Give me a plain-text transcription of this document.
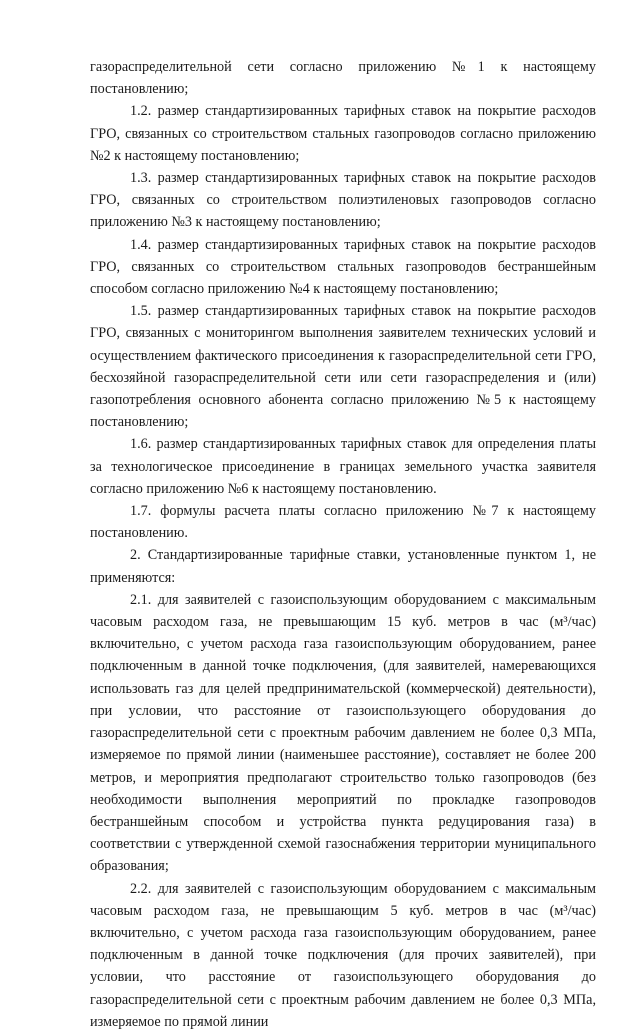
газораспределительной сети согласно приложению №1 к настоящему постановлению;

1.2. размер стандартизированных тарифных ставок на покрытие расходов ГРО, связанных со строительством стальных газопроводов согласно приложению №2 к настоящему постановлению;

1.3. размер стандартизированных тарифных ставок на покрытие расходов ГРО, связанных со строительством полиэтиленовых газопроводов согласно приложению №3 к настоящему постановлению;

1.4. размер стандартизированных тарифных ставок на покрытие расходов ГРО, связанных со строительством стальных газопроводов бестраншейным способом согласно приложению №4 к настоящему постановлению;

1.5. размер стандартизированных тарифных ставок на покрытие расходов ГРО, связанных с мониторингом выполнения заявителем технических условий и осуществлением фактического присоединения к газораспределительной сети ГРО, бесхозяйной газораспределительной сети или сети газораспределения и (или) газопотребления основного абонента согласно приложению №5 к настоящему постановлению;

1.6. размер стандартизированных тарифных ставок для определения платы за технологическое присоединение в границах земельного участка заявителя согласно приложению №6 к настоящему постановлению.

1.7. формулы расчета платы согласно приложению №7 к настоящему постановлению.

2. Стандартизированные тарифные ставки, установленные пунктом 1, не применяются:

2.1. для заявителей с газоиспользующим оборудованием с максимальным часовым расходом газа, не превышающим 15 куб. метров в час (м³/час) включительно, с учетом расхода газа газоиспользующим оборудованием, ранее подключенным в данной точке подключения, (для заявителей, намеревающихся использовать газ для целей предпринимательской (коммерческой) деятельности), при условии, что расстояние от газоиспользующего оборудования до газораспределительной сети с проектным рабочим давлением не более 0,3 МПа, измеряемое по прямой линии (наименьшее расстояние), составляет не более 200 метров, и мероприятия предполагают строительство только газопроводов (без необходимости выполнения мероприятий по прокладке газопроводов бестраншейным способом и устройства пункта редуцирования газа) в соответствии с утвержденной схемой газоснабжения территории муниципального образования;

2.2. для заявителей с газоиспользующим оборудованием с максимальным часовым расходом газа, не превышающим 5 куб. метров в час (м³/час) включительно, с учетом расхода газа газоиспользующим оборудованием, ранее подключенным в данной точке подключения (для прочих заявителей), при условии, что расстояние от газоиспользующего оборудования до газораспределительной сети с проектным рабочим давлением не более 0,3 МПа, измеряемое по прямой линии
